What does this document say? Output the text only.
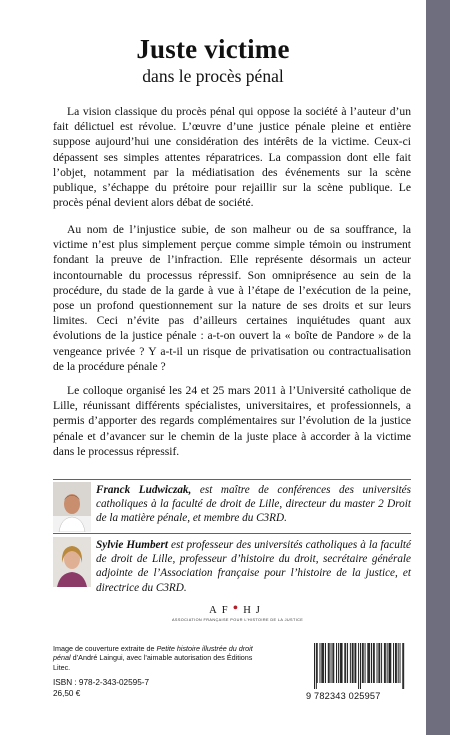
Juste victime
dans le procès pénal

La vision classique du procès pénal qui oppose la société à l’auteur d’un fait délictuel est révolue. L’œuvre d’une justice pénale pleine et entière suppose aujourd’hui une considération des intérêts de la victime. Ceux-ci dépassent ses simples attentes réparatrices. La compassion dont elle fait l’objet, notamment par la médiatisation des événements sur la scène publique, s’échappe du prétoire pour rejaillir sur la scène publique. Le procès pénal devient alors débat de société.

Au nom de l’injustice subie, de son malheur ou de sa souffrance, la victime n’est plus simplement perçue comme simple témoin ou instrument fondant la preuve de l’infraction. Elle représente désormais un acteur incontournable du processus répressif. Son omniprésence au sein de la procédure, du stade de la garde à vue à l’étape de l’exécution de la peine, pose un profond questionnement sur la nature de ses droits et sur leurs limites. Ceci n’évite pas d’ailleurs certaines inquiétudes quant aux évolutions de la justice pénale : a-t-on ouvert la « boîte de Pandore » de la vengeance privée ? Y a-t-il un risque de privatisation ou contractualisation de la procédure pénale ?

Le colloque organisé les 24 et 25 mars 2011 à l’Université catholique de Lille, réunissant différents spécialistes, universitaires, et professionnels, a permis d’apporter des regards complémentaires sur l’évolution de la justice pénale et d’avancer sur le chemin de la juste place à accorder à la victime dans le processus répressif.

Franck Ludwiczak, est maître de conférences des universités catholiques à la faculté de droit de Lille, directeur du master 2 Droit de la matière pénale, et membre du C3RD.

Sylvie Humbert est professeur des universités catholiques à la faculté de droit de Lille, professeur d’histoire du droit, secrétaire générale adjointe de l’Association française pour l’histoire de la justice, et directrice du C3RD.

AF•HJ
ASSOCIATION FRANÇAISE POUR L’HISTOIRE DE LA JUSTICE

Image de couverture extraite de Petite histoire illustrée du droit pénal d’André Laingui, avec l’aimable autorisation des Éditions Litec.

ISBN : 978-2-343-02595-7
26,50 €	9 782343 025957
